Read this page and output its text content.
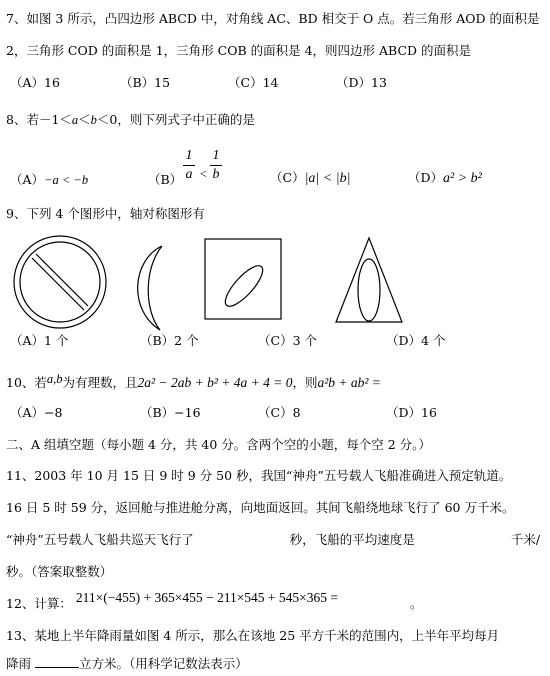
7、如图 3 所示，凸四边形 ABCD 中，对角线 AC、BD 相交于 O 点。若三角形 AOD 的面积是
2，三角形 COD 的面积是 1，三角形 COB 的面积是 4，则四边形 ABCD 的面积是
（A）16	（B）15	（C）14	（D）13
8、若－1＜a＜b＜0，则下列式子中正确的是
（A）−a < −b	（B）
1
a <
1
b	（C）|a| < |b|	（D）a² > b²
9、下列 4 个图形中，轴对称图形有
（A）1 个	（B）2 个	（C）3 个	（D）4 个
10、若a,b为有理数，且2a² − 2ab + b² + 4a + 4 = 0，则a²b + ab² =
（A）−8	（B）−16	（C）8	（D）16
二、A 组填空题（每小题 4 分，共 40 分。含两个空的小题，每个空 2 分。）
11、2003 年 10 月 15 日 9 时 9 分 50 秒，我国“神舟”五号载人飞船准确进入预定轨道。
16 日 5 时 59 分，返回舱与推进舱分离，向地面返回。其间飞船绕地球飞行了 60 万千米。
“神舟”五号载人飞船共巡天飞行了	秒，飞船的平均速度是	千米/
秒。（答案取整数）
12、计算： 211×(−455) + 365×455 − 211×545 + 545×365 =	。
13、某地上半年降雨量如图 4 所示，那么在该地 25 平方千米的范围内，上半年平均每月
降雨	立方米。（用科学记数法表示）
